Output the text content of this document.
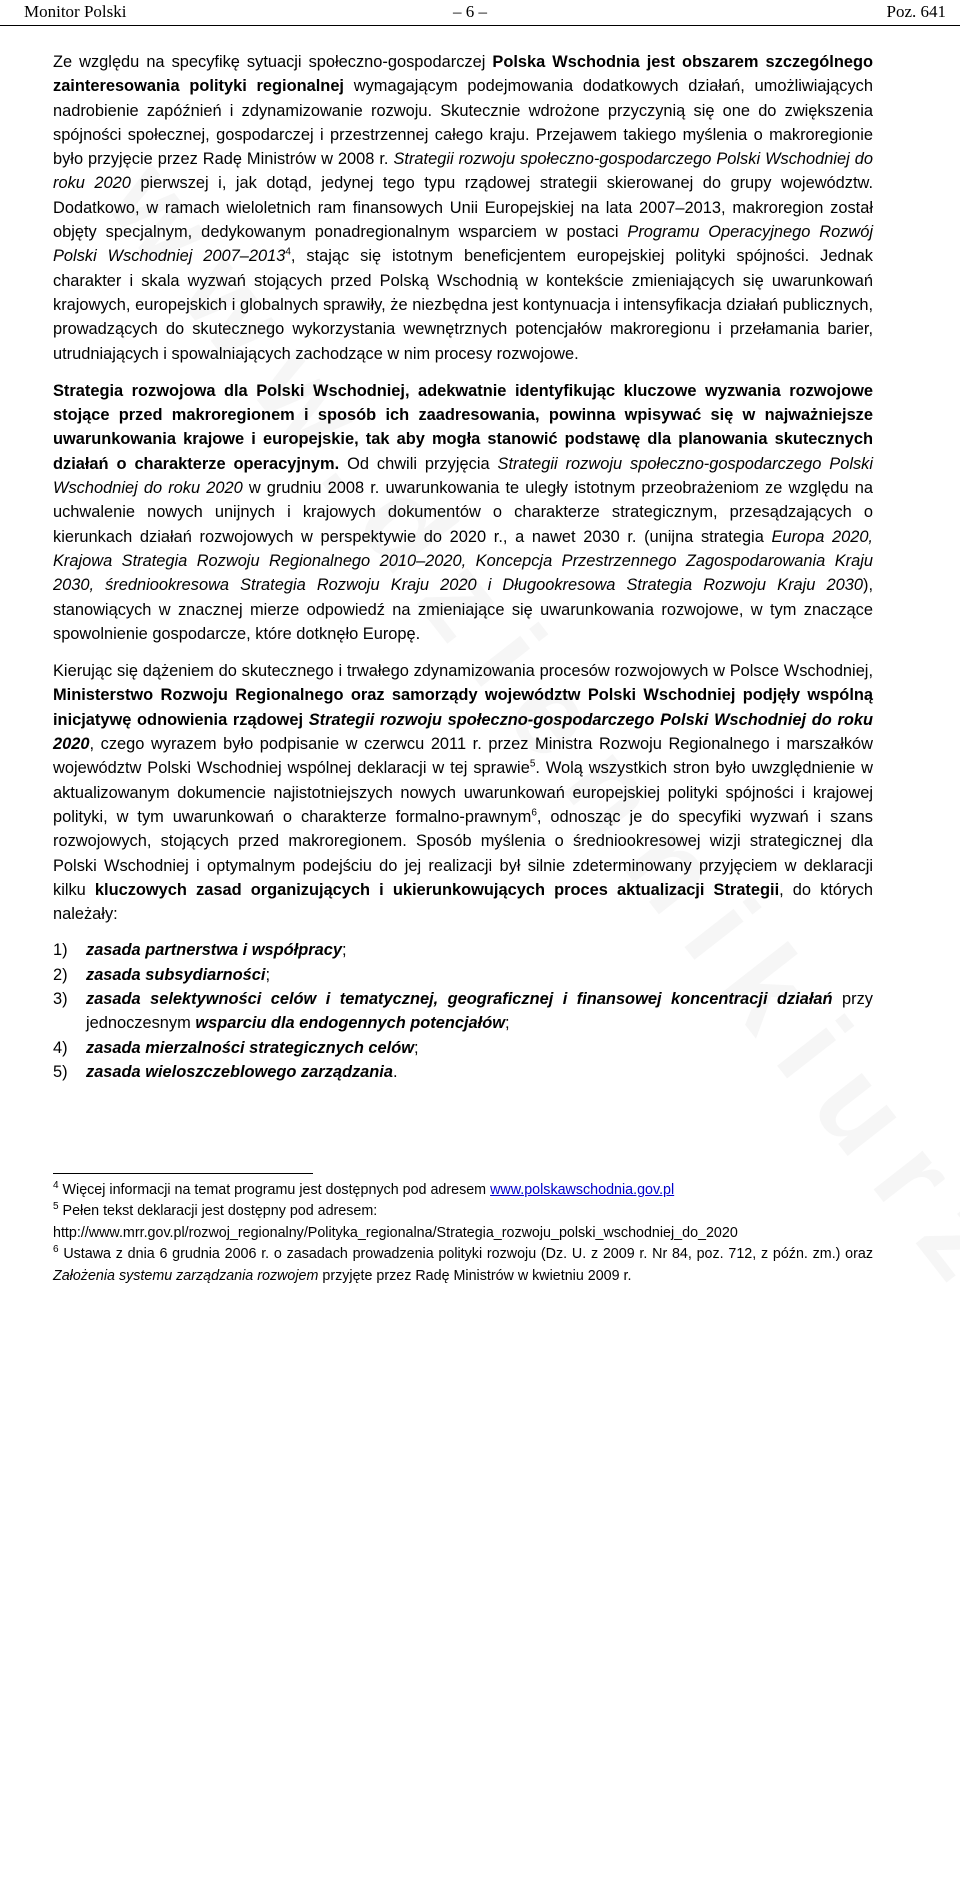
Monitor Polski	– 6 –	Poz. 641

Ze względu na specyfikę sytuacji społeczno-gospodarczej Polska Wschodnia jest obszarem szczególnego zainteresowania polityki regionalnej wymagającym podejmowania dodatkowych działań, umożliwiających nadrobienie zapóźnień i zdynamizowanie rozwoju. Skutecznie wdrożone przyczynią się one do zwiększenia spójności społecznej, gospodarczej i przestrzennej całego kraju. Przejawem takiego myślenia o makroregionie było przyjęcie przez Radę Ministrów w 2008 r. Strategii rozwoju społeczno-gospodarczego Polski Wschodniej do roku 2020 pierwszej i, jak dotąd, jedynej tego typu rządowej strategii skierowanej do grupy województw. Dodatkowo, w ramach wieloletnich ram finansowych Unii Europejskiej na lata 2007–2013, makroregion został objęty specjalnym, dedykowanym ponadregionalnym wsparciem w postaci Programu Operacyjnego Rozwój Polski Wschodniej 2007–2013$^4$, stając się istotnym beneficjentem europejskiej polityki spójności. Jednak charakter i skala wyzwań stojących przed Polską Wschodnią w kontekście zmieniających się uwarunkowań krajowych, europejskich i globalnych sprawiły, że niezbędna jest kontynuacja i intensyfikacja działań publicznych, prowadzących do skutecznego wykorzystania wewnętrznych potencjałów makroregionu i przełamania barier, utrudniających i spowalniających zachodzące w nim procesy rozwojowe.

Strategia rozwojowa dla Polski Wschodniej, adekwatnie identyfikując kluczowe wyzwania rozwojowe stojące przed makroregionem i sposób ich zaadresowania, powinna wpisywać się w najważniejsze uwarunkowania krajowe i europejskie, tak aby mogła stanowić podstawę dla planowania skutecznych działań o charakterze operacyjnym. Od chwili przyjęcia Strategii rozwoju społeczno-gospodarczego Polski Wschodniej do roku 2020 w grudniu 2008 r. uwarunkowania te uległy istotnym przeobrażeniom ze względu na uchwalenie nowych unijnych i krajowych dokumentów o charakterze strategicznym, przesądzających o kierunkach działań rozwojowych w perspektywie do 2020 r., a nawet 2030 r. (unijna strategia Europa 2020, Krajowa Strategia Rozwoju Regionalnego 2010–2020, Koncepcja Przestrzennego Zagospodarowania Kraju 2030, średniookresowa Strategia Rozwoju Kraju 2020 i Długookresowa Strategia Rozwoju Kraju 2030), stanowiących w znacznej mierze odpowiedź na zmieniające się uwarunkowania rozwojowe, w tym znaczące spowolnienie gospodarcze, które dotknęło Europę.

Kierując się dążeniem do skutecznego i trwałego zdynamizowania procesów rozwojowych w Polsce Wschodniej, Ministerstwo Rozwoju Regionalnego oraz samorządy województw Polski Wschodniej podjęły wspólną inicjatywę odnowienia rządowej Strategii rozwoju społeczno-gospodarczego Polski Wschodniej do roku 2020, czego wyrazem było podpisanie w czerwcu 2011 r. przez Ministra Rozwoju Regionalnego i marszałków województw Polski Wschodniej wspólnej deklaracji w tej sprawie$^5$. Wolą wszystkich stron było uwzględnienie w aktualizowanym dokumencie najistotniejszych nowych uwarunkowań europejskiej polityki spójności i krajowej polityki, w tym uwarunkowań o charakterze formalno-prawnym$^6$, odnosząc je do specyfiki wyzwań i szans rozwojowych, stojących przed makroregionem. Sposób myślenia o średniookresowej wizji strategicznej dla Polski Wschodniej i optymalnym podejściu do jej realizacji był silnie zdeterminowany przyjęciem w deklaracji kilku kluczowych zasad organizujących i ukierunkowujących proces aktualizacji Strategii, do których należały:

1) zasada partnerstwa i współpracy;
2) zasada subsydiarności;
3) zasada selektywności celów i tematycznej, geograficznej i finansowej koncentracji działań przy jednoczesnym wsparciu dla endogennych potencjałów;
4) zasada mierzalności strategicznych celów;
5) zasada wieloszczeblowego zarządzania.
$^4$ Więcej informacji na temat programu jest dostępnych pod adresem www.polskawschodnia.gov.pl
$^5$ Pełen tekst deklaracji jest dostępny pod adresem:
http://www.mrr.gov.pl/rozwoj_regionalny/Polityka_regionalna/Strategia_rozwoju_polski_wschodniej_do_2020
$^6$ Ustawa z dnia 6 grudnia 2006 r. o zasadach prowadzenia polityki rozwoju (Dz. U. z 2009 r. Nr 84, poz. 712, z późn. zm.) oraz Założenia systemu zarządzania rozwojem przyjęte przez Radę Ministrów w kwietniu 2009 r.
